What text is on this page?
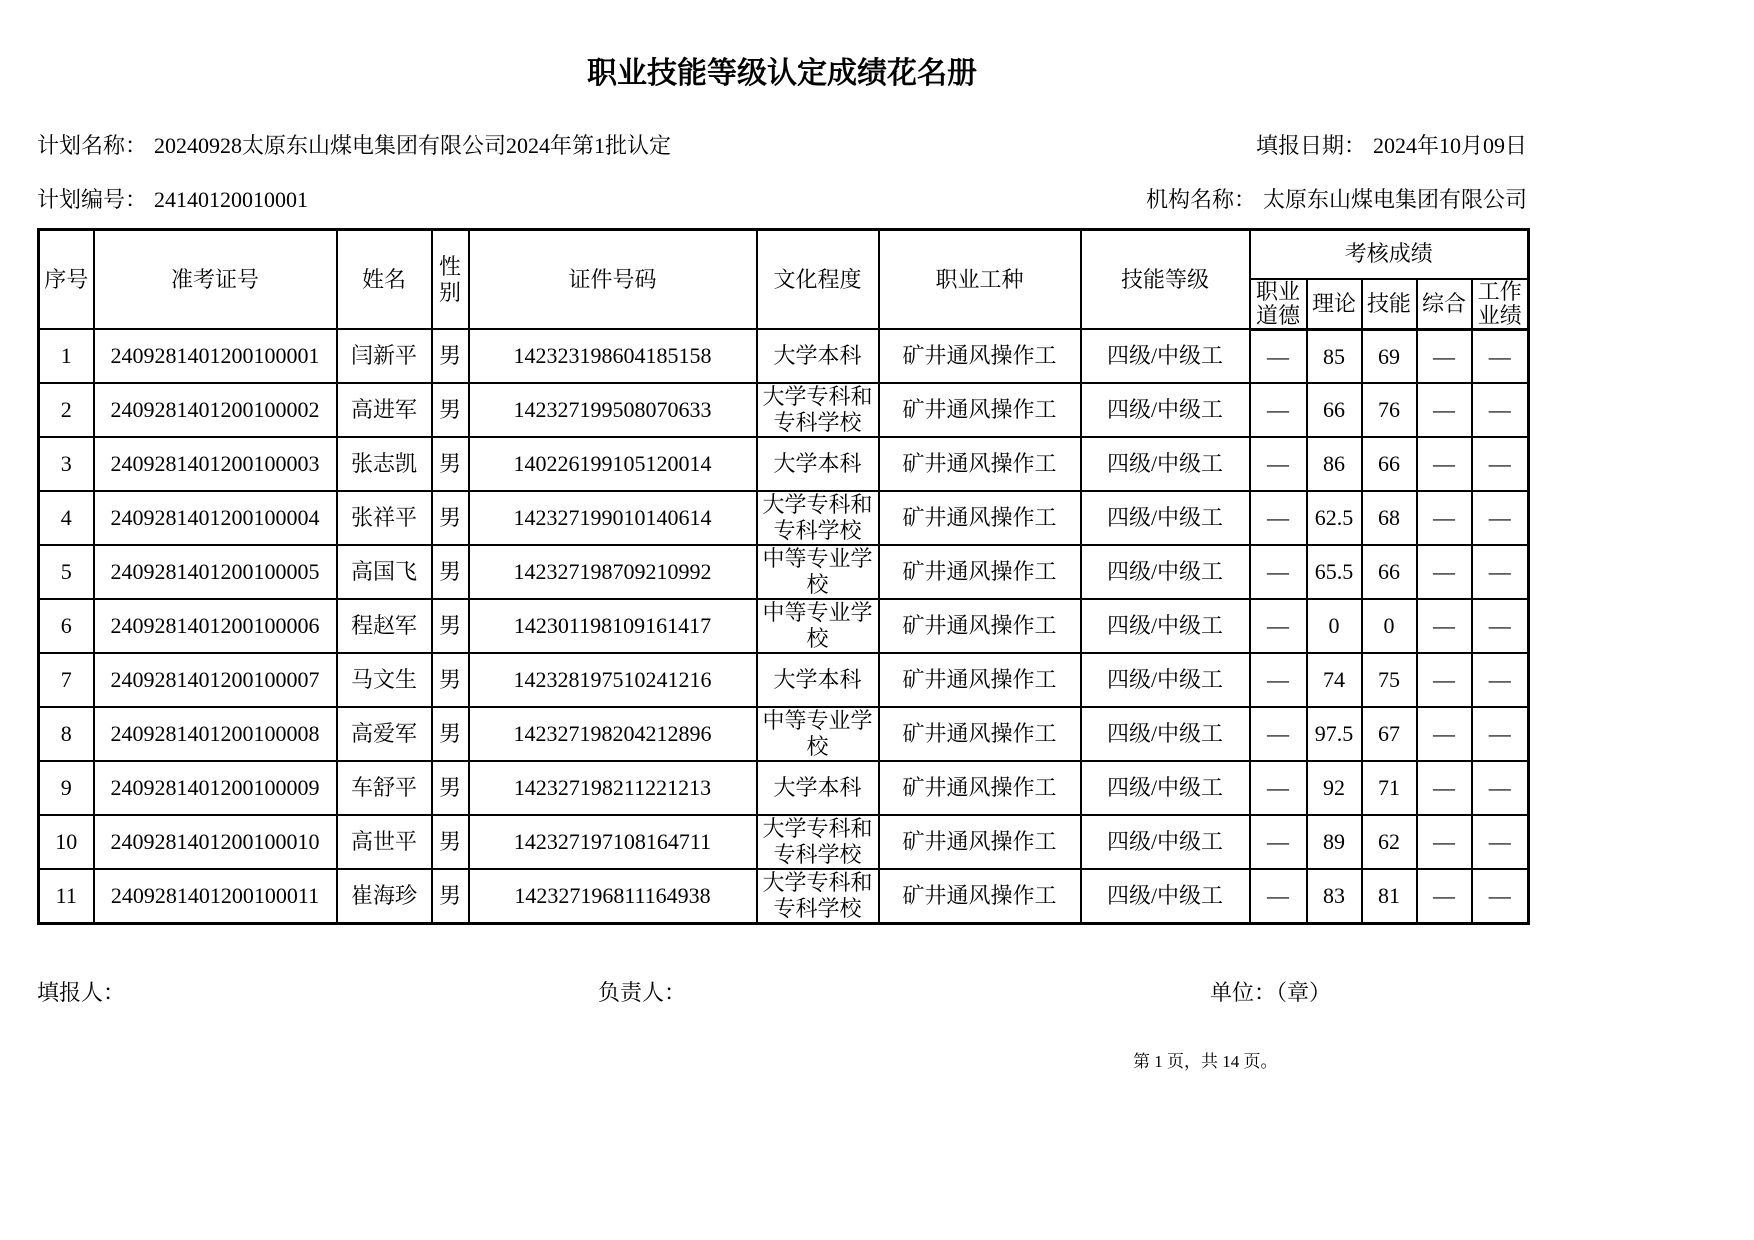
职业技能等级认定成绩花名册
计划名称： 20240928太原东山煤电集团有限公司2024年第1批认定	填报日期： 2024年10月09日
计划编号： 24140120010001	机构名称： 太原东山煤电集团有限公司
序号	准考证号	姓名	性别	证件号码	文化程度	职业工种	技能等级	考核成绩				
								职业道德	理论	技能	综合	工作业绩
1	2409281401200100001	闫新平	男	142323198604185158	大学本科	矿井通风操作工	四级/中级工	—	85	69	—	—
2	2409281401200100002	高进军	男	142327199508070633	大学专科和专科学校	矿井通风操作工	四级/中级工	—	66	76	—	—
3	2409281401200100003	张志凯	男	140226199105120014	大学本科	矿井通风操作工	四级/中级工	—	86	66	—	—
4	2409281401200100004	张祥平	男	142327199010140614	大学专科和专科学校	矿井通风操作工	四级/中级工	—	62.5	68	—	—
5	2409281401200100005	高国飞	男	142327198709210992	中等专业学校	矿井通风操作工	四级/中级工	—	65.5	66	—	—
6	2409281401200100006	程赵军	男	142301198109161417	中等专业学校	矿井通风操作工	四级/中级工	—	0	0	—	—
7	2409281401200100007	马文生	男	142328197510241216	大学本科	矿井通风操作工	四级/中级工	—	74	75	—	—
8	2409281401200100008	高爱军	男	142327198204212896	中等专业学校	矿井通风操作工	四级/中级工	—	97.5	67	—	—
9	2409281401200100009	车舒平	男	142327198211221213	大学本科	矿井通风操作工	四级/中级工	—	92	71	—	—
10	2409281401200100010	高世平	男	142327197108164711	大学专科和专科学校	矿井通风操作工	四级/中级工	—	89	62	—	—
11	2409281401200100011	崔海珍	男	142327196811164938	大学专科和专科学校	矿井通风操作工	四级/中级工	—	83	81	—	—
填报人：	负责人：	单位：（章）
第 1 页，共 14 页。
